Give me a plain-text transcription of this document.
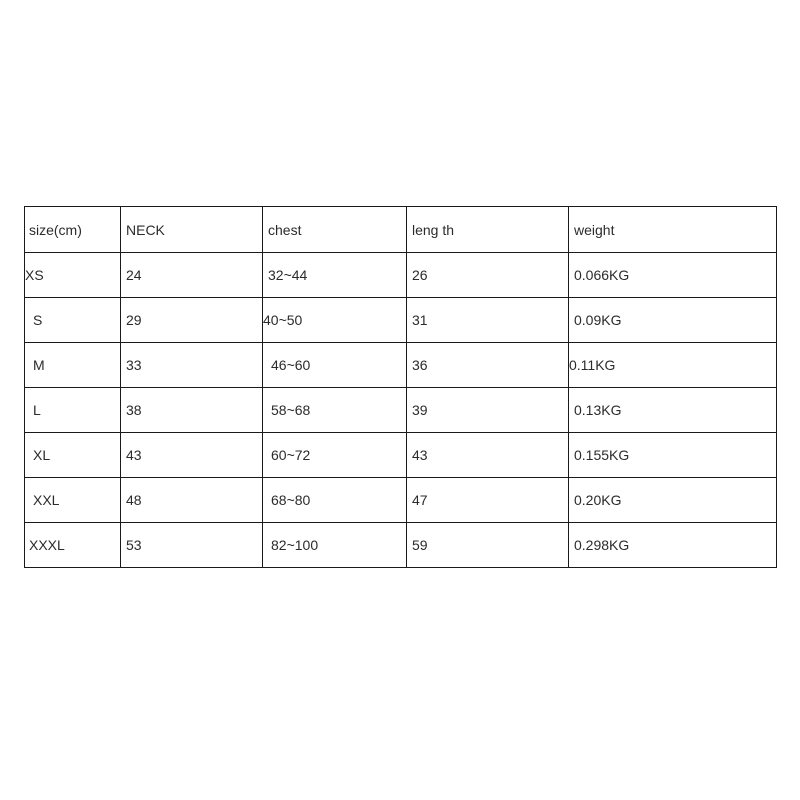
size(cm)	NECK	chest	leng th	weight
XS	24	32~44	26	0.066KG
S	29	40~50	31	0.09KG
M	33	46~60	36	0.11KG
L	38	58~68	39	0.13KG
XL	43	60~72	43	0.155KG
XXL	48	68~80	47	0.20KG
XXXL	53	82~100	59	0.298KG
